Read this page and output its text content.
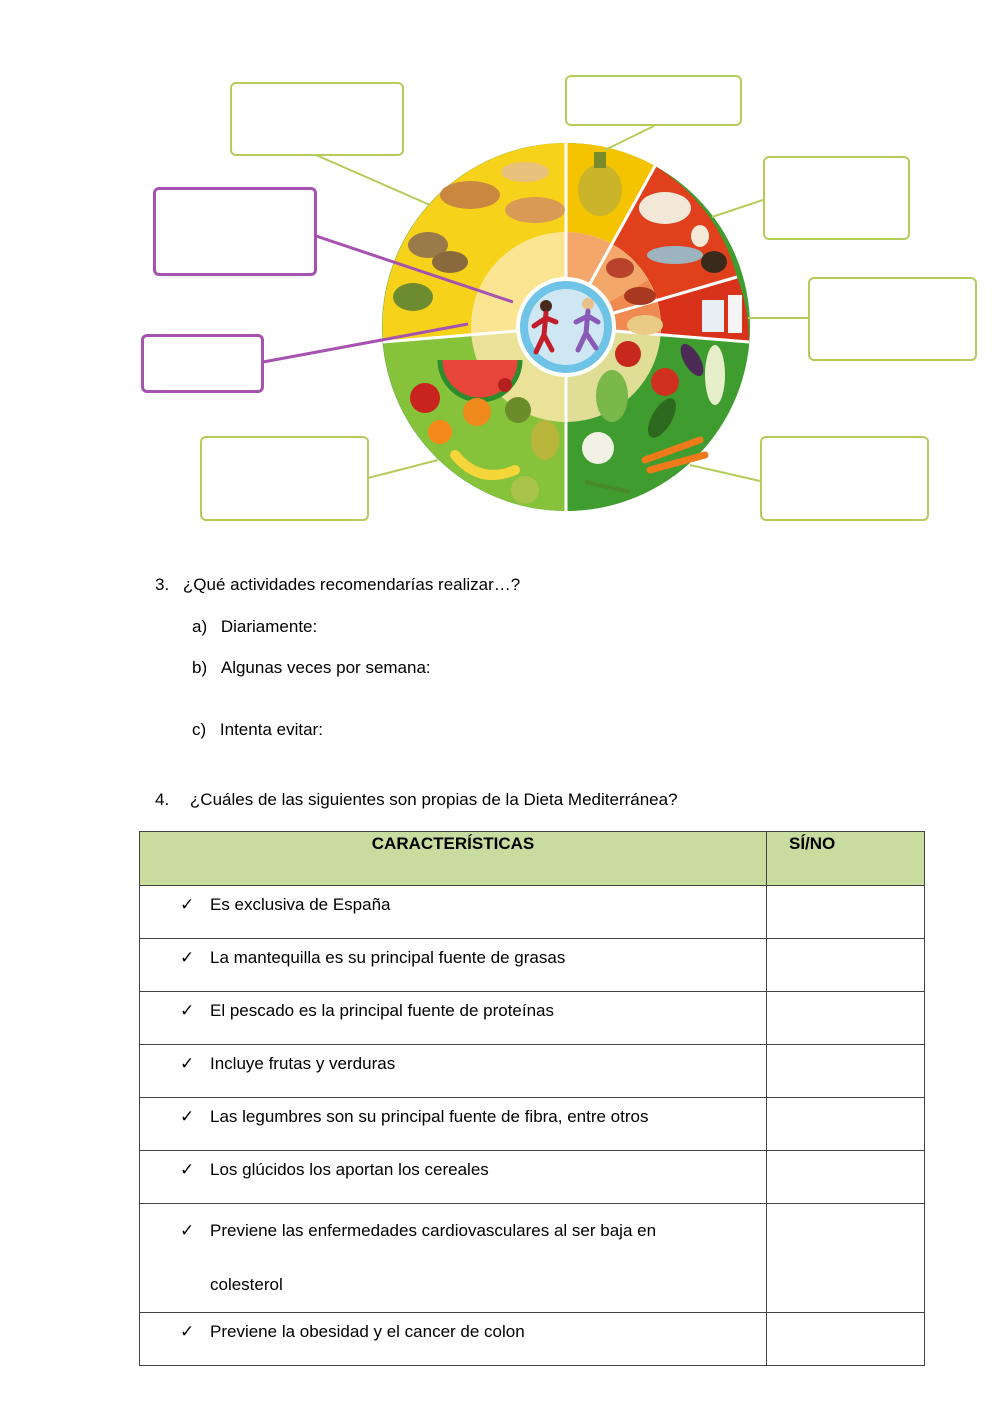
3. ¿Qué actividades recomendarías realizar…?
a) Diariamente:
b) Algunas veces por semana:
c) Intenta evitar:
4. ¿Cuáles de las siguientes son propias de la Dieta Mediterránea?
CARACTERÍSTICAS	SÍ/NO
✓ Es exclusiva de España	
✓ La mantequilla es su principal fuente de grasas	
✓ El pescado es la principal fuente de proteínas	
✓ Incluye frutas y verduras	
✓ Las legumbres son su principal fuente de fibra, entre otros	
✓ Los glúcidos los aportan los cereales	
✓ Previene las enfermedades cardiovasculares al ser baja en
colesterol	

✓ Previene la obesidad y el cancer de colon	
